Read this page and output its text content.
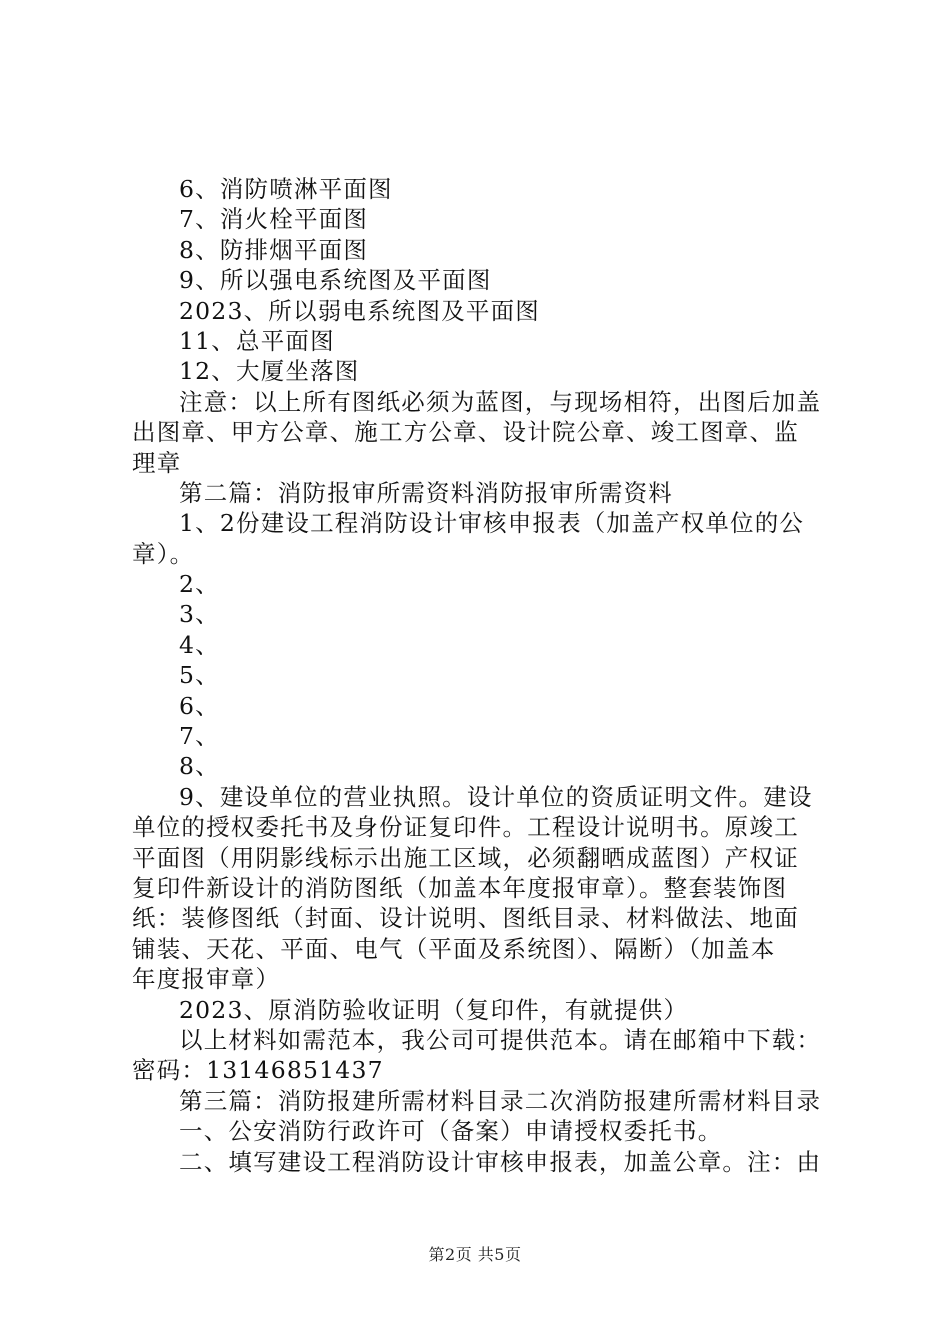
6、消防喷淋平面图
7、消火栓平面图
8、防排烟平面图
9、所以强电系统图及平面图
2023、所以弱电系统图及平面图
11、总平面图
12、大厦坐落图
注意：以上所有图纸必须为蓝图，与现场相符，出图后加盖
出图章、甲方公章、施工方公章、设计院公章、竣工图章、监
理章
第二篇：消防报审所需资料消防报审所需资料
1、2份建设工程消防设计审核申报表（加盖产权单位的公
章）。
2、
3、
4、
5、
6、
7、
8、
9、建设单位的营业执照。设计单位的资质证明文件。建设
单位的授权委托书及身份证复印件。工程设计说明书。原竣工
平面图（用阴影线标示出施工区域，必须翻晒成蓝图）产权证
复印件新设计的消防图纸（加盖本年度报审章）。整套装饰图
纸：装修图纸（封面、设计说明、图纸目录、材料做法、地面
铺装、天花、平面、电气（平面及系统图）、隔断）（加盖本
年度报审章）
2023、原消防验收证明（复印件，有就提供）
以上材料如需范本，我公司可提供范本。请在邮箱中下载：
密码：13146851437
第三篇：消防报建所需材料目录二次消防报建所需材料目录
一、公安消防行政许可（备案）申请授权委托书。
二、填写建设工程消防设计审核申报表，加盖公章。注：由
第2页 共5页
